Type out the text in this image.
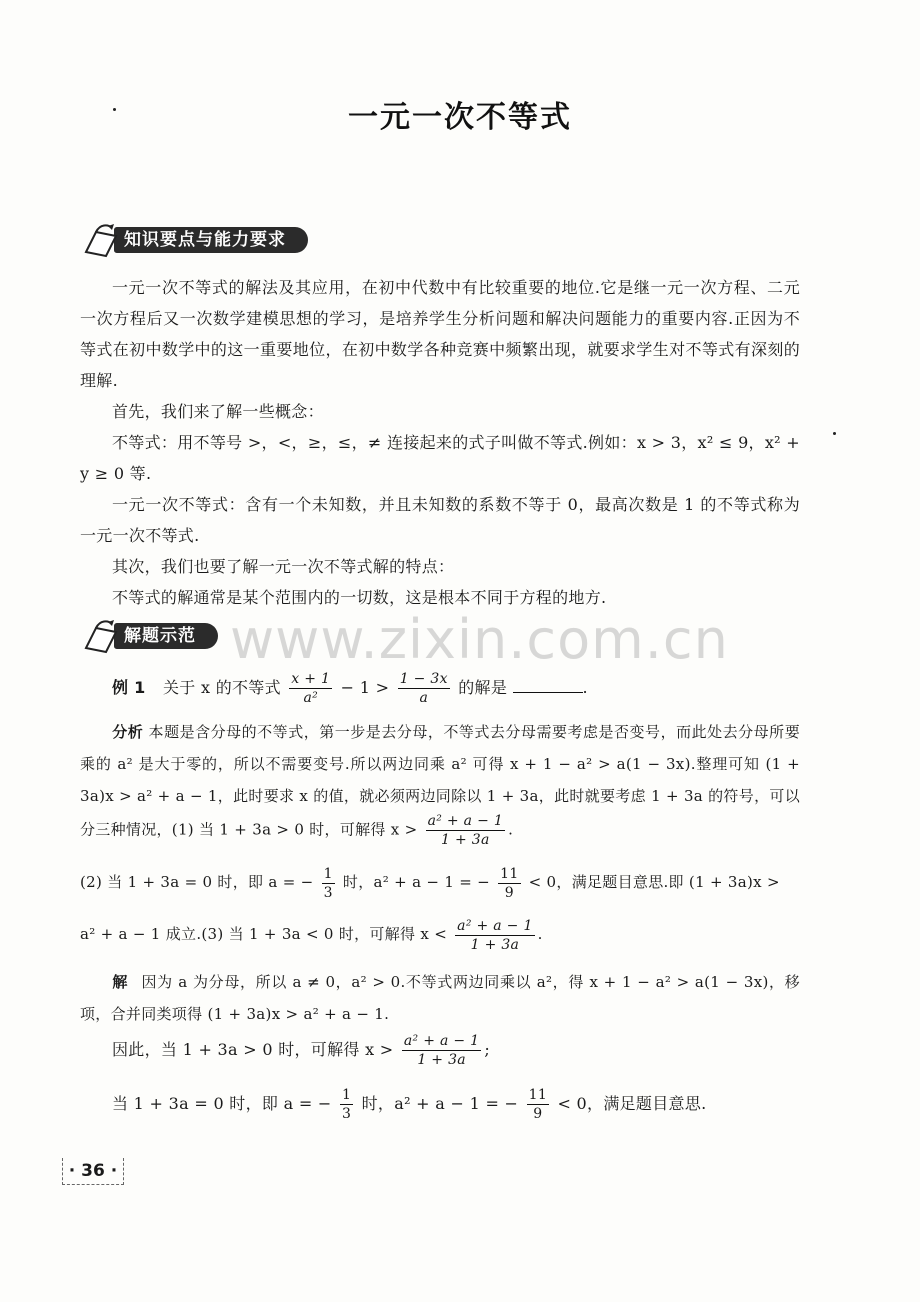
一元一次不等式
知识要点与能力要求
一元一次不等式的解法及其应用，在初中代数中有比较重要的地位.它是继一元一次方程、二元一次方程后又一次数学建模思想的学习，是培养学生分析问题和解决问题能力的重要内容.正因为不等式在初中数学中的这一重要地位，在初中数学各种竞赛中频繁出现，就要求学生对不等式有深刻的理解.
首先，我们来了解一些概念：
不等式：用不等号 >，<，≥，≤，≠ 连接起来的式子叫做不等式.例如：x > 3，x² ≤ 9，x² + y ≥ 0 等.
一元一次不等式：含有一个未知数，并且未知数的系数不等于 0，最高次数是 1 的不等式称为一元一次不等式.
其次，我们也要了解一元一次不等式解的特点：
不等式的解通常是某个范围内的一切数，这是根本不同于方程的地方.
解题示范 www.zixin.com.cn
例 1 关于 x 的不等式 $\frac{x + 1}{\text{a²}} - 1 > \frac{1 - 3x}{a}$ 的解是	.
分析 本题是含分母的不等式，第一步是去分母，不等式去分母需要考虑是否变号，而此处去分母所要乘的 a² 是大于零的，所以不需要变号.所以两边同乘 a² 可得 x + 1 − a² > a(1 − 3x).整理可知 (1 + 3a)x > a² + a − 1，此时要求 x 的值，就必须两边同除以 1 + 3a，此时就要考虑 1 + 3a 的符号，可以分三种情况，(1) 当 1 + 3a > 0 时，可解得 $x > \frac{\text{a² + a − 1}}{1 + 3a}$ .
(2) 当 1 + 3a = 0 时，即 a = − $\frac{1}{3}$ 时，a² + a − 1 = − $\frac{11}{9} < 0$，满足题目意思.即 (1 + 3a)x >
a² + a − 1 成立.(3) 当 1 + 3a < 0 时，可解得 $x < \frac{\text{a² + a − 1}}{1 + 3a}$ .
解 因为 a 为分母，所以 a ≠ 0，a² > 0.不等式两边同乘以 a²，得 x + 1 − a² > a(1 − 3x)，移项，合并同类项得 (1 + 3a)x > a² + a − 1.
因此，当 1 + 3a > 0 时，可解得 $x > \frac{\text{a² + a − 1}}{1 + 3a}$ ;
当 1 + 3a = 0 时，即 a = − $\frac{1}{3}$ 时，a² + a − 1 = − $\frac{11}{9} < 0$，满足题目意思.
· 36 ·
